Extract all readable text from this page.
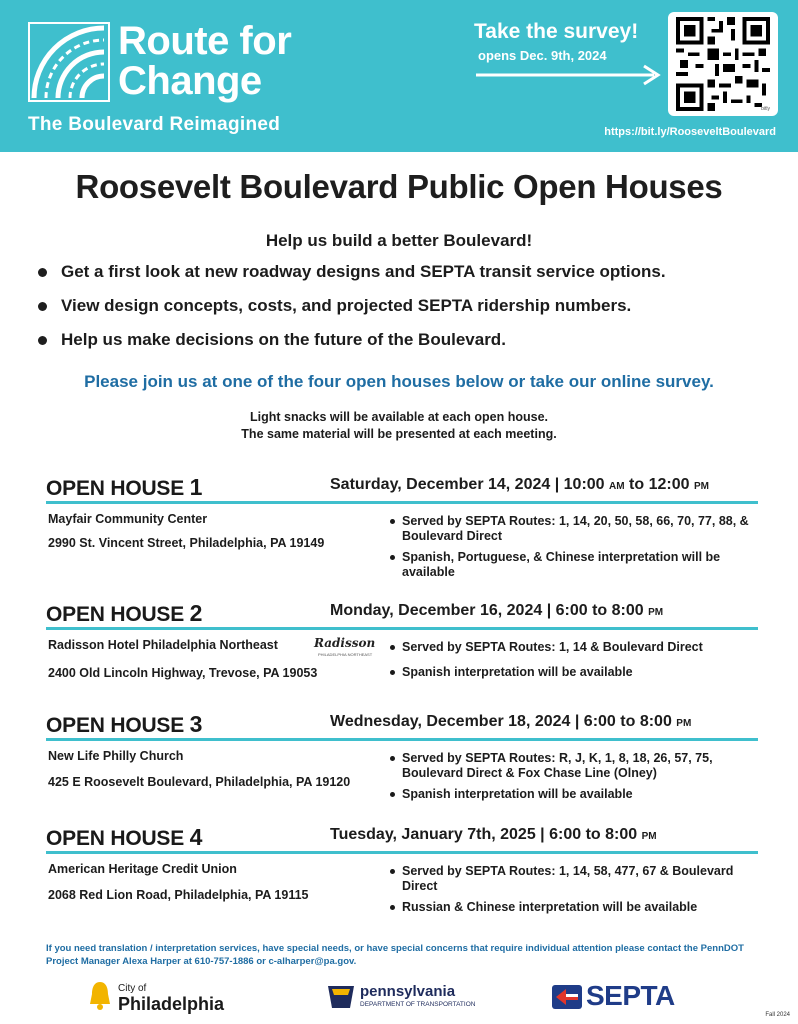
Route for
Change
The Boulevard Reimagined
Take the survey!
opens Dec. 9th, 2024
bitly
https://bit.ly/RooseveltBoulevard
Roosevelt Boulevard Public Open Houses
Help us build a better Boulevard!
Get a first look at new roadway designs and SEPTA transit service options.
View design concepts, costs, and projected SEPTA ridership numbers.
Help us make decisions on the future of the Boulevard.
Please join us at one of the four open houses below or take our online survey.
Light snacks will be available at each open house.
The same material will be presented at each meeting.
OPEN HOUSE 1	Saturday, December 14, 2024 | 10:00 AM to 12:00 PM
Mayfair Community Center
2990 St. Vincent Street, Philadelphia, PA 19149
Served by SEPTA Routes: 1, 14, 20, 50, 58, 66, 70, 77, 88, & Boulevard Direct
Spanish, Portuguese, & Chinese interpretation will be available
OPEN HOUSE 2	Monday, December 16, 2024 | 6:00 to 8:00 PM
Radisson Hotel Philadelphia Northeast	Radisson
PHILADELPHIA NORTHEAST
2400 Old Lincoln Highway, Trevose, PA 19053
Served by SEPTA Routes: 1, 14 & Boulevard Direct
Spanish interpretation will be available
OPEN HOUSE 3	Wednesday, December 18, 2024 | 6:00 to 8:00 PM
New Life Philly Church
425 E Roosevelt Boulevard, Philadelphia, PA 19120
Served by SEPTA Routes: R, J, K, 1, 8, 18, 26, 57, 75, Boulevard Direct & Fox Chase Line (Olney)
Spanish interpretation will be available
OPEN HOUSE 4	Tuesday, January 7th, 2025 | 6:00 to 8:00 PM
American Heritage Credit Union
2068 Red Lion Road, Philadelphia, PA 19115
Served by SEPTA Routes: 1, 14, 58, 477, 67 & Boulevard Direct
Russian & Chinese interpretation will be available
If you need translation / interpretation services, have special needs, or have special concerns that require individual attention please contact the PennDOT Project Manager Alexa Harper at 610-757-1886 or c-alharper@pa.gov.
City of
Philadelphia
pennsylvania
DEPARTMENT OF TRANSPORTATION	SEPTA
Fall 2024
